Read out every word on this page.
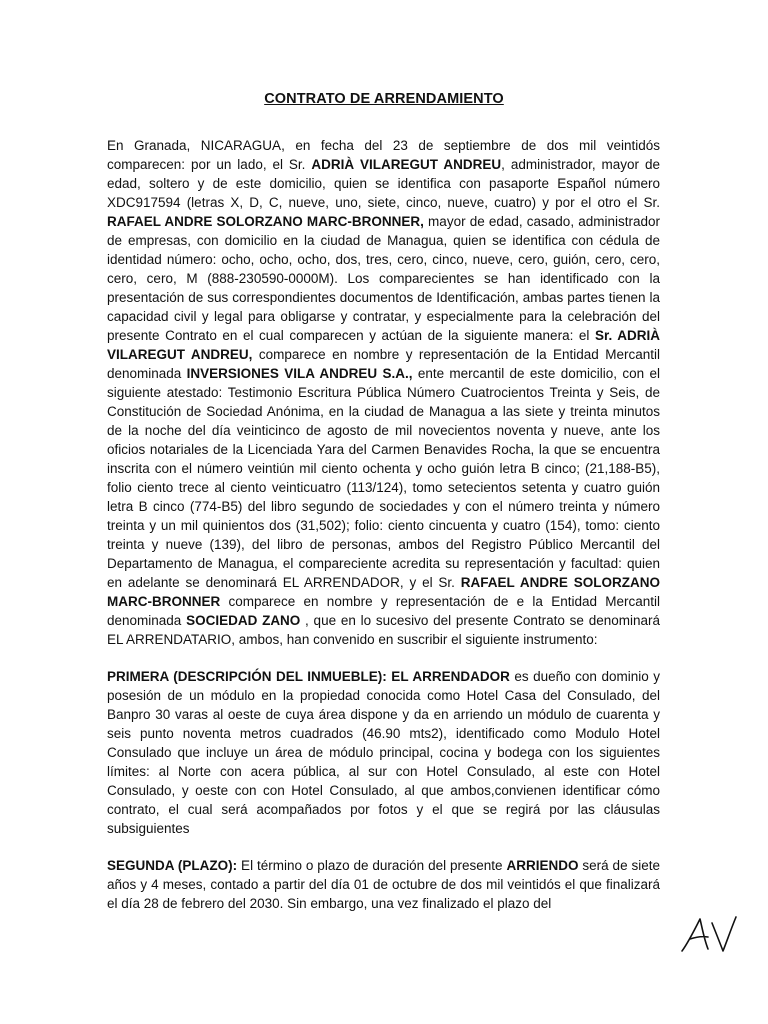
CONTRATO DE ARRENDAMIENTO

En Granada, NICARAGUA, en fecha del 23 de septiembre de dos mil veintidós comparecen: por un lado, el Sr. ADRIÀ VILAREGUT ANDREU, administrador, mayor de edad, soltero y de este domicilio, quien se identifica con pasaporte Español número XDC917594 (letras X, D, C, nueve, uno, siete, cinco, nueve, cuatro) y por el otro el Sr. RAFAEL ANDRE SOLORZANO MARC-BRONNER, mayor de edad, casado, administrador de empresas, con domicilio en la ciudad de Managua, quien se identifica con cédula de identidad número: ocho, ocho, ocho, dos, tres, cero, cinco, nueve, cero, guión, cero, cero, cero, cero, M (888-230590-0000M). Los comparecientes se han identificado con la presentación de sus correspondientes documentos de Identificación, ambas partes tienen la capacidad civil y legal para obligarse y contratar, y especialmente para la celebración del presente Contrato en el cual comparecen y actúan de la siguiente manera: el Sr. ADRIÀ VILAREGUT ANDREU, comparece en nombre y representación de la Entidad Mercantil denominada INVERSIONES VILA ANDREU S.A., ente mercantil de este domicilio, con el siguiente atestado: Testimonio Escritura Pública Número Cuatrocientos Treinta y Seis, de Constitución de Sociedad Anónima, en la ciudad de Managua a las siete y treinta minutos de la noche del día veinticinco de agosto de mil novecientos noventa y nueve, ante los oficios notariales de la Licenciada Yara del Carmen Benavides Rocha, la que se encuentra inscrita con el número veintiún mil ciento ochenta y ocho guión letra B cinco; (21,188-B5), folio ciento trece al ciento veinticuatro (113/124), tomo setecientos setenta y cuatro guión letra B cinco (774-B5) del libro segundo de sociedades y con el número treinta y número treinta y un mil quinientos dos (31,502); folio: ciento cincuenta y cuatro (154), tomo: ciento treinta y nueve (139), del libro de personas, ambos del Registro Público Mercantil del Departamento de Managua, el compareciente acredita su representación y facultad: quien en adelante se denominará EL ARRENDADOR, y el Sr. RAFAEL ANDRE SOLORZANO MARC-BRONNER comparece en nombre y representación de e la Entidad Mercantil denominada SOCIEDAD ZANO , que en lo sucesivo del presente Contrato se denominará EL ARRENDATARIO, ambos, han convenido en suscribir el siguiente instrumento:

PRIMERA (DESCRIPCIÓN DEL INMUEBLE): EL ARRENDADOR es dueño con dominio y posesión de un módulo en la propiedad conocida como Hotel Casa del Consulado, del Banpro 30 varas al oeste de cuya área dispone y da en arriendo un módulo de cuarenta y seis punto noventa metros cuadrados (46.90 mts2), identificado como Modulo Hotel Consulado que incluye un área de módulo principal, cocina y bodega con los siguientes límites: al Norte con acera pública, al sur con Hotel Consulado, al este con Hotel Consulado, y oeste con con Hotel Consulado, al que ambos,convienen identificar cómo contrato, el cual será acompañados por fotos y el que se regirá por las cláusulas subsiguientes

SEGUNDA (PLAZO): El término o plazo de duración del presente ARRIENDO será de siete años y 4 meses, contado a partir del día 01 de octubre de dos mil veintidós el que finalizará el día 28 de febrero del 2030. Sin embargo, una vez finalizado el plazo del
